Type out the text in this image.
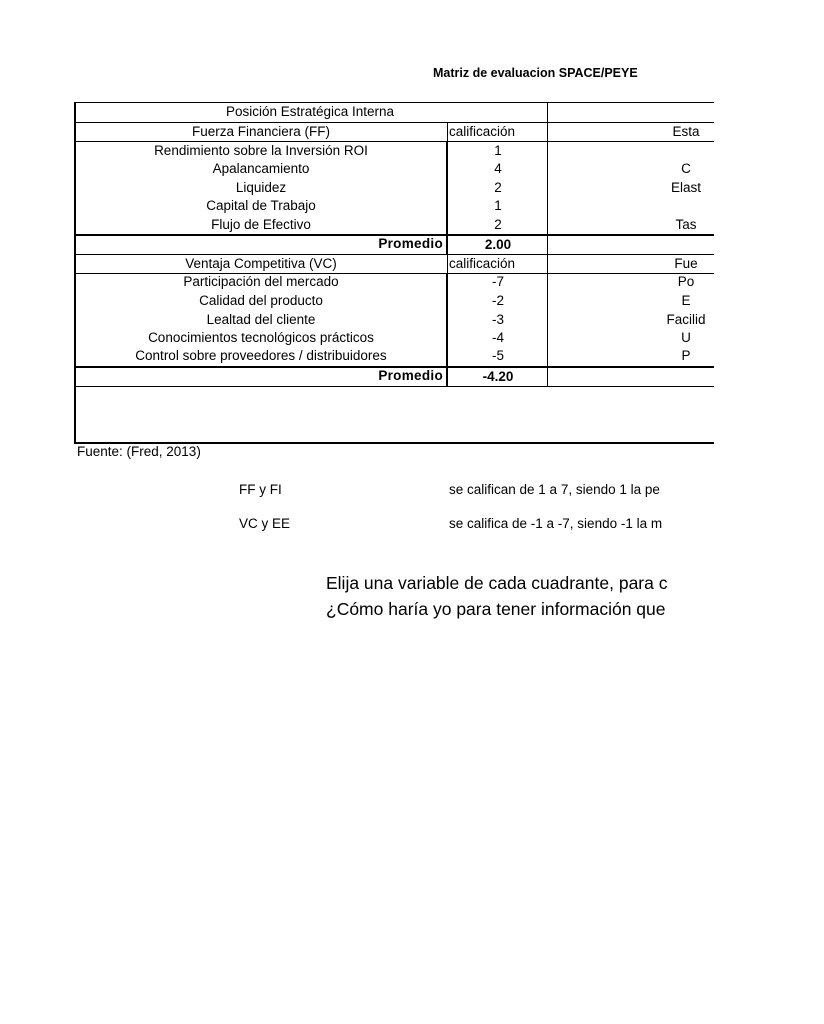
Matriz de evaluacion SPACE/PEYE
Posición Estratégica Interna
Fuerza Financiera (FF)	calificación	Esta
Rendimiento sobre la Inversión ROI	1
Apalancamiento	4	C
Liquidez	2	Elast
Capital de Trabajo	1
Flujo de Efectivo	2	Tas
Promedio	2.00
Ventaja Competitiva (VC)	calificación	Fue
Participación del mercado	-7	Po
Calidad del producto	-2	E
Lealtad del cliente	-3	Facilid
Conocimientos tecnológicos prácticos	-4	U
Control sobre proveedores / distribuidores	-5	P
Promedio	-4.20
Fuente: (Fred, 2013)
FF y FI	se califican de 1 a 7, siendo 1 la pe
VC y EE	se califica de -1 a -7, siendo -1 la m
Elija una variable de cada cuadrante, para c
¿Cómo haría yo para tener información que
